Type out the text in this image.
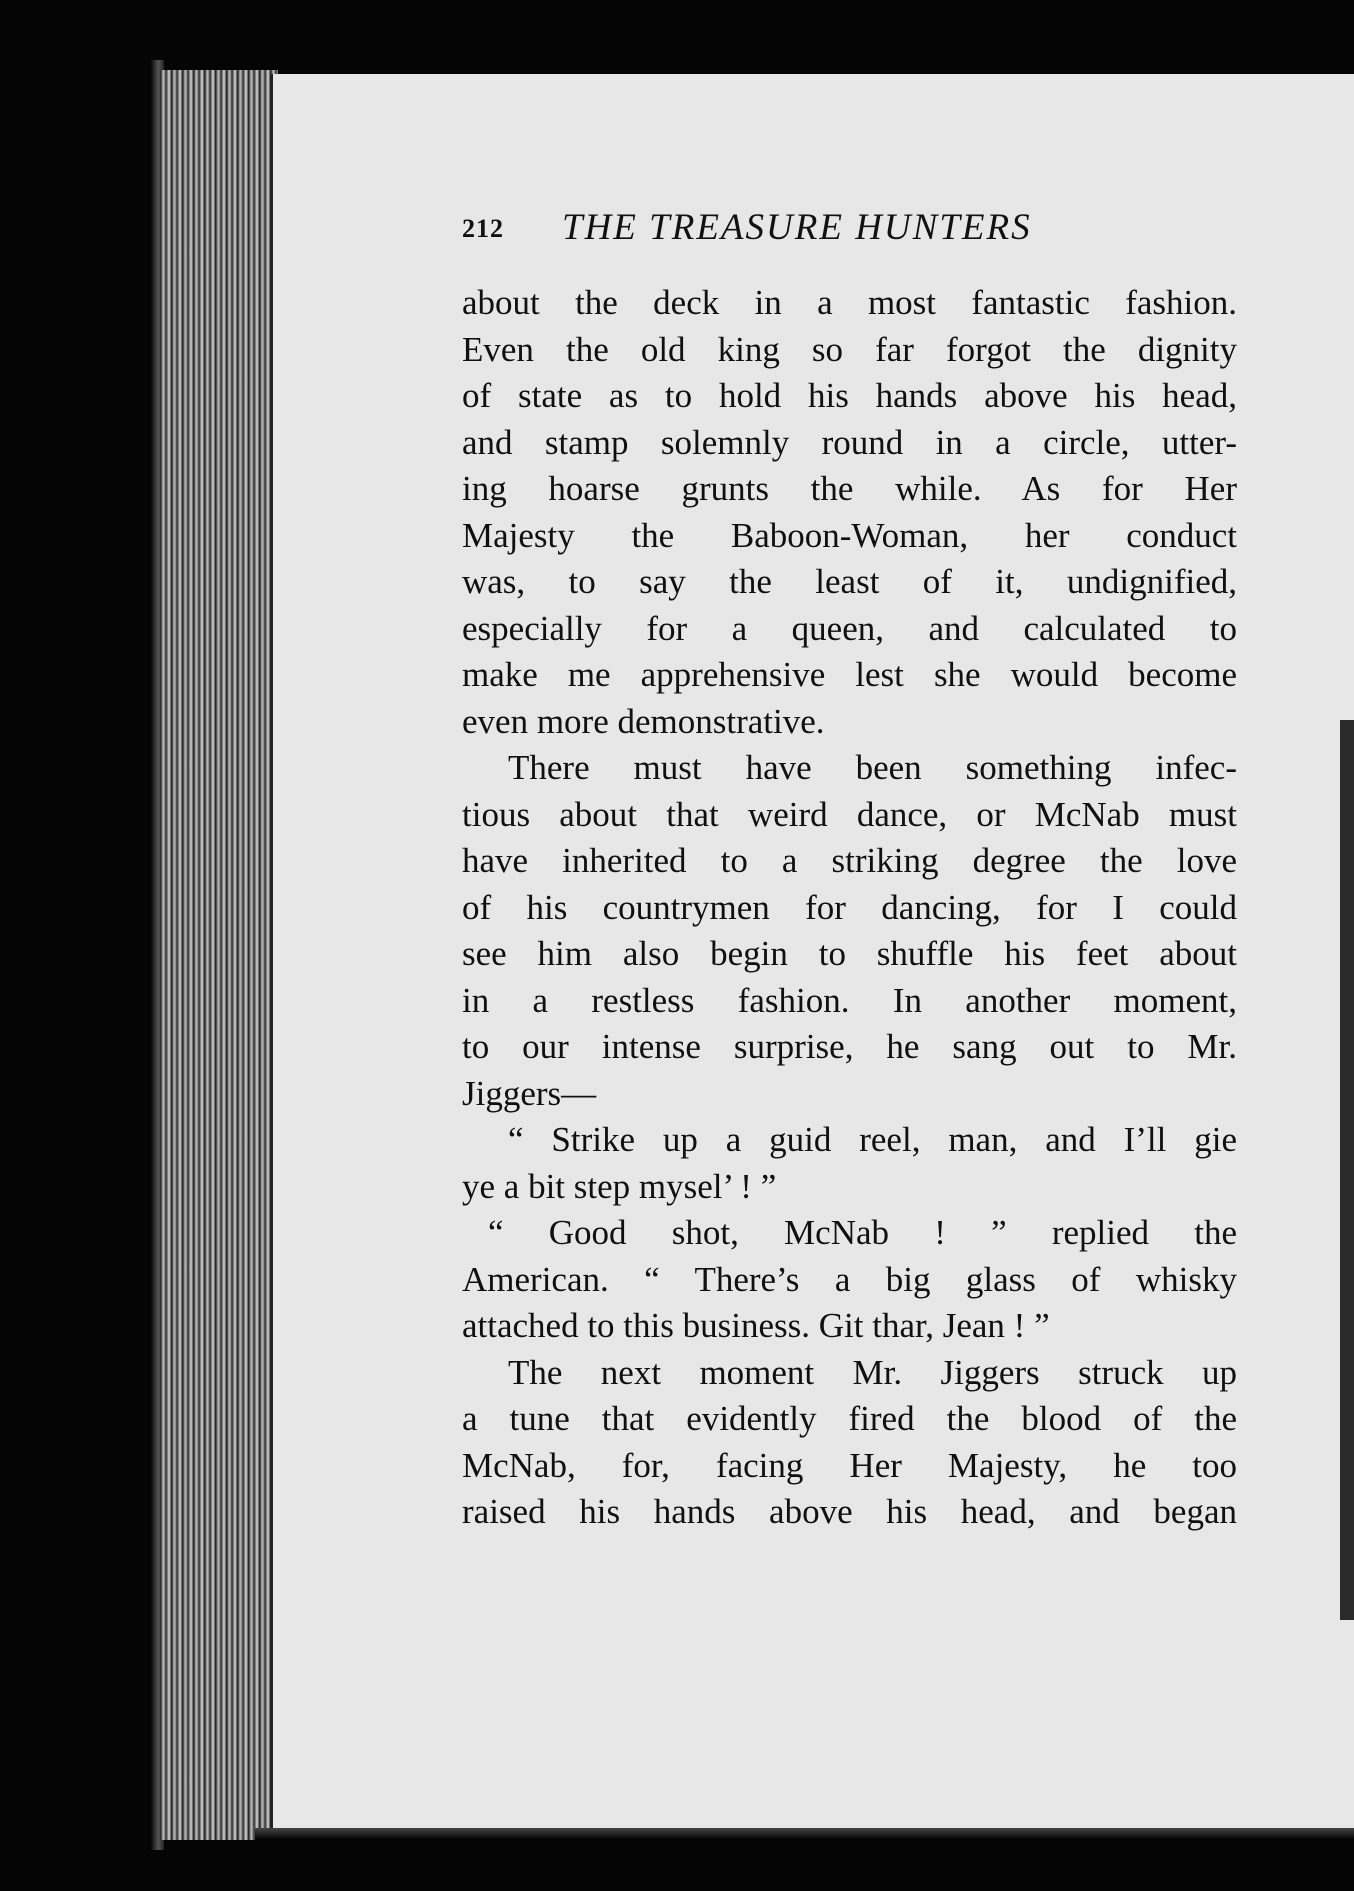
212 THE TREASURE HUNTERS
about the deck in a most fantastic fashion.
Even the old king so far forgot the dignity
of state as to hold his hands above his head,
and stamp solemnly round in a circle, utter-
ing hoarse grunts the while. As for Her
Majesty the Baboon-Woman, her conduct
was, to say the least of it, undignified,
especially for a queen, and calculated to
make me apprehensive lest she would become
even more demonstrative.
There must have been something infec-
tious about that weird dance, or McNab must
have inherited to a striking degree the love
of his countrymen for dancing, for I could
see him also begin to shuffle his feet about
in a restless fashion. In another moment,
to our intense surprise, he sang out to Mr.
Jiggers—
“ Strike up a guid reel, man, and I’ll gie
ye a bit step mysel’ ! ”
“ Good shot, McNab ! ” replied the
American. “ There’s a big glass of whisky
attached to this business. Git thar, Jean ! ”
The next moment Mr. Jiggers struck up
a tune that evidently fired the blood of the
McNab, for, facing Her Majesty, he too
raised his hands above his head, and began
